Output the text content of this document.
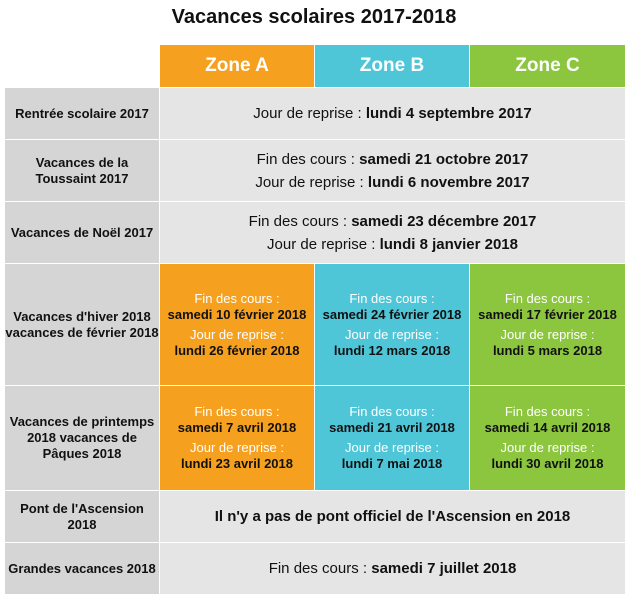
Vacances scolaires 2017-2018
	Zone A	Zone B	Zone C
Rentrée scolaire 2017	Jour de reprise : lundi 4 septembre 2017		
Vacances de la Toussaint 2017	Fin des cours : samedi 21 octobre 2017
Jour de reprise : lundi 6 novembre 2017		

Vacances de Noël 2017	Fin des cours : samedi 23 décembre 2017
Jour de reprise : lundi 8 janvier 2018		

Vacances d'hiver 2018 vacances de février 2018	Fin des cours :
samedi 10 février 2018
Jour de reprise :
lundi 26 février 2018	Fin des cours :
samedi 24 février 2018
Jour de reprise :
lundi 12 mars 2018	Fin des cours :
samedi 17 février 2018
Jour de reprise :
lundi 5 mars 2018

Vacances de printemps 2018 vacances de Pâques 2018	Fin des cours :
samedi 7 avril 2018
Jour de reprise :
lundi 23 avril 2018	Fin des cours :
samedi 21 avril 2018
Jour de reprise :
lundi 7 mai 2018	Fin des cours :
samedi 14 avril 2018
Jour de reprise :
lundi 30 avril 2018

Pont de l'Ascension 2018	Il n'y a pas de pont officiel de l'Ascension en 2018		
Grandes vacances 2018	Fin des cours : samedi 7 juillet 2018		
